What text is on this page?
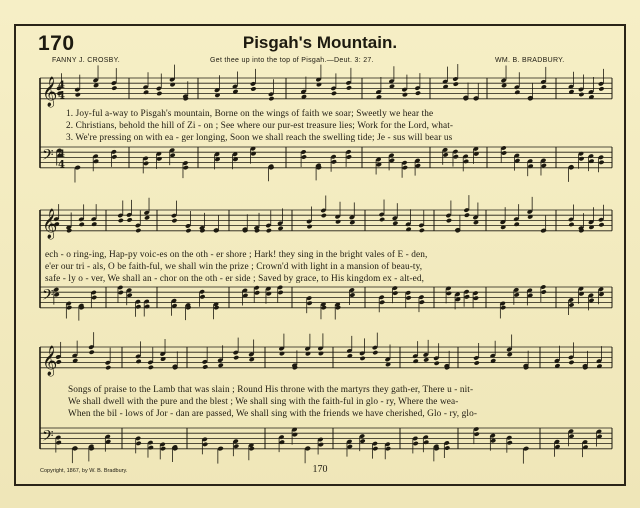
170	Pisgah's Mountain.
FANNY J. CROSBY.	Get thee up into the top of Pisgah.—Deut. 3: 27.	WM. B. BRADBURY.
𝄞 4
4
𝄢 4
4
𝄞
𝄢
𝄞
𝄢
1. Joy-ful a-way to Pisgah's mountain, Borne on the wings of faith we soar; Sweetly we hear the
2. Christians, behold the hill of Zi - on ; See where our pur-est treasure lies; Work for the Lord, what-
3. We're pressing on with ea - ger longing, Soon we shall reach the swelling tide; Je - sus will bear us
ech - o ring-ing, Hap-py voic-es on the oth - er shore ; Hark! they sing in the bright vales of E - den,
e'er our tri - als, O be faith-ful, we shall win the prize ; Crown'd with light in a mansion of beau-ty,
safe - ly o - ver, We shall an - chor on the oth - er side ; Saved by grace, to His kingdom ex - alt-ed,
Songs of praise to the Lamb that was slain ; Round His throne with the martyrs they gath-er, There u - nit-
We shall dwell with the pure and the blest ; We shall sing with the faith-ful in glo - ry, Where the wea-
When the bil - lows of Jor - dan are passed, We shall sing with the friends we have cherished, Glo - ry, glo-
Copyright, 1867, by W. B. Bradbury.	170
